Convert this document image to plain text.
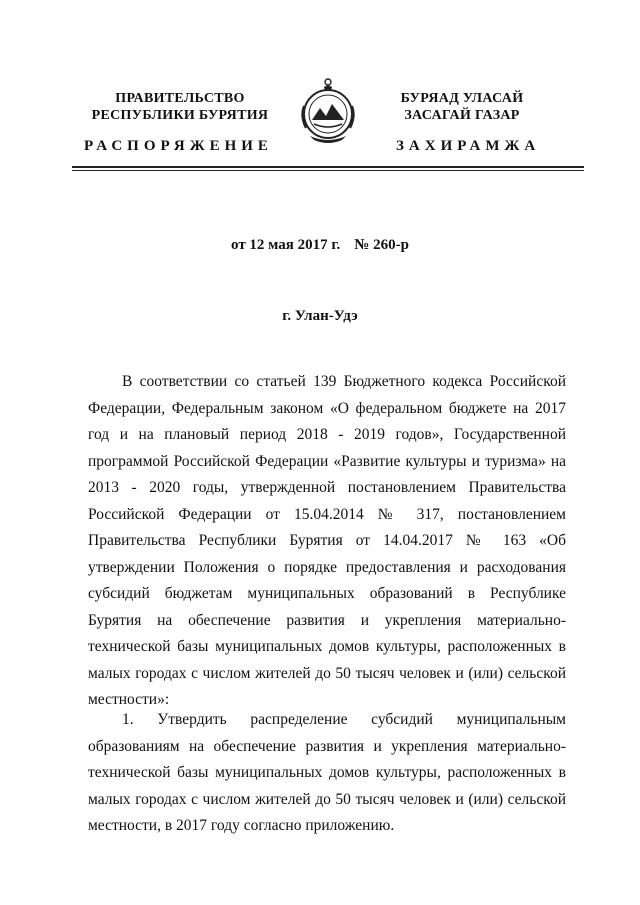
ПРАВИТЕЛЬСТВО
РЕСПУБЛИКИ БУРЯТИЯ
БУРЯАД УЛАСАЙ
ЗАСАГАЙ ГАЗАР
РАСПОРЯЖЕНИЕ	ЗАХИРАМЖА
от 12 мая 2017 г. № 260-р
г. Улан-Удэ

В соответствии со статьей 139 Бюджетного кодекса Российской Федерации, Федеральным законом «О федеральном бюджете на 2017 год и на плановый период 2018 - 2019 годов», Государственной программой Российской Федерации «Развитие культуры и туризма» на 2013 - 2020 годы, утвержденной постановлением Правительства Российской Федерации от 15.04.2014 № 317, постановлением Правительства Республики Бурятия от 14.04.2017 № 163 «Об утверждении Положения о порядке предоставления и расходования субсидий бюджетам муниципальных образований в Республике Бурятия на обеспечение развития и укрепления материально-технической базы муниципальных домов культуры, расположенных в малых городах с числом жителей до 50 тысяч человек и (или) сельской местности»:

1. Утвердить распределение субсидий муниципальным образованиям на обеспечение развития и укрепления материально-технической базы муниципальных домов культуры, расположенных в малых городах с числом жителей до 50 тысяч человек и (или) сельской местности, в 2017 году согласно приложению.
